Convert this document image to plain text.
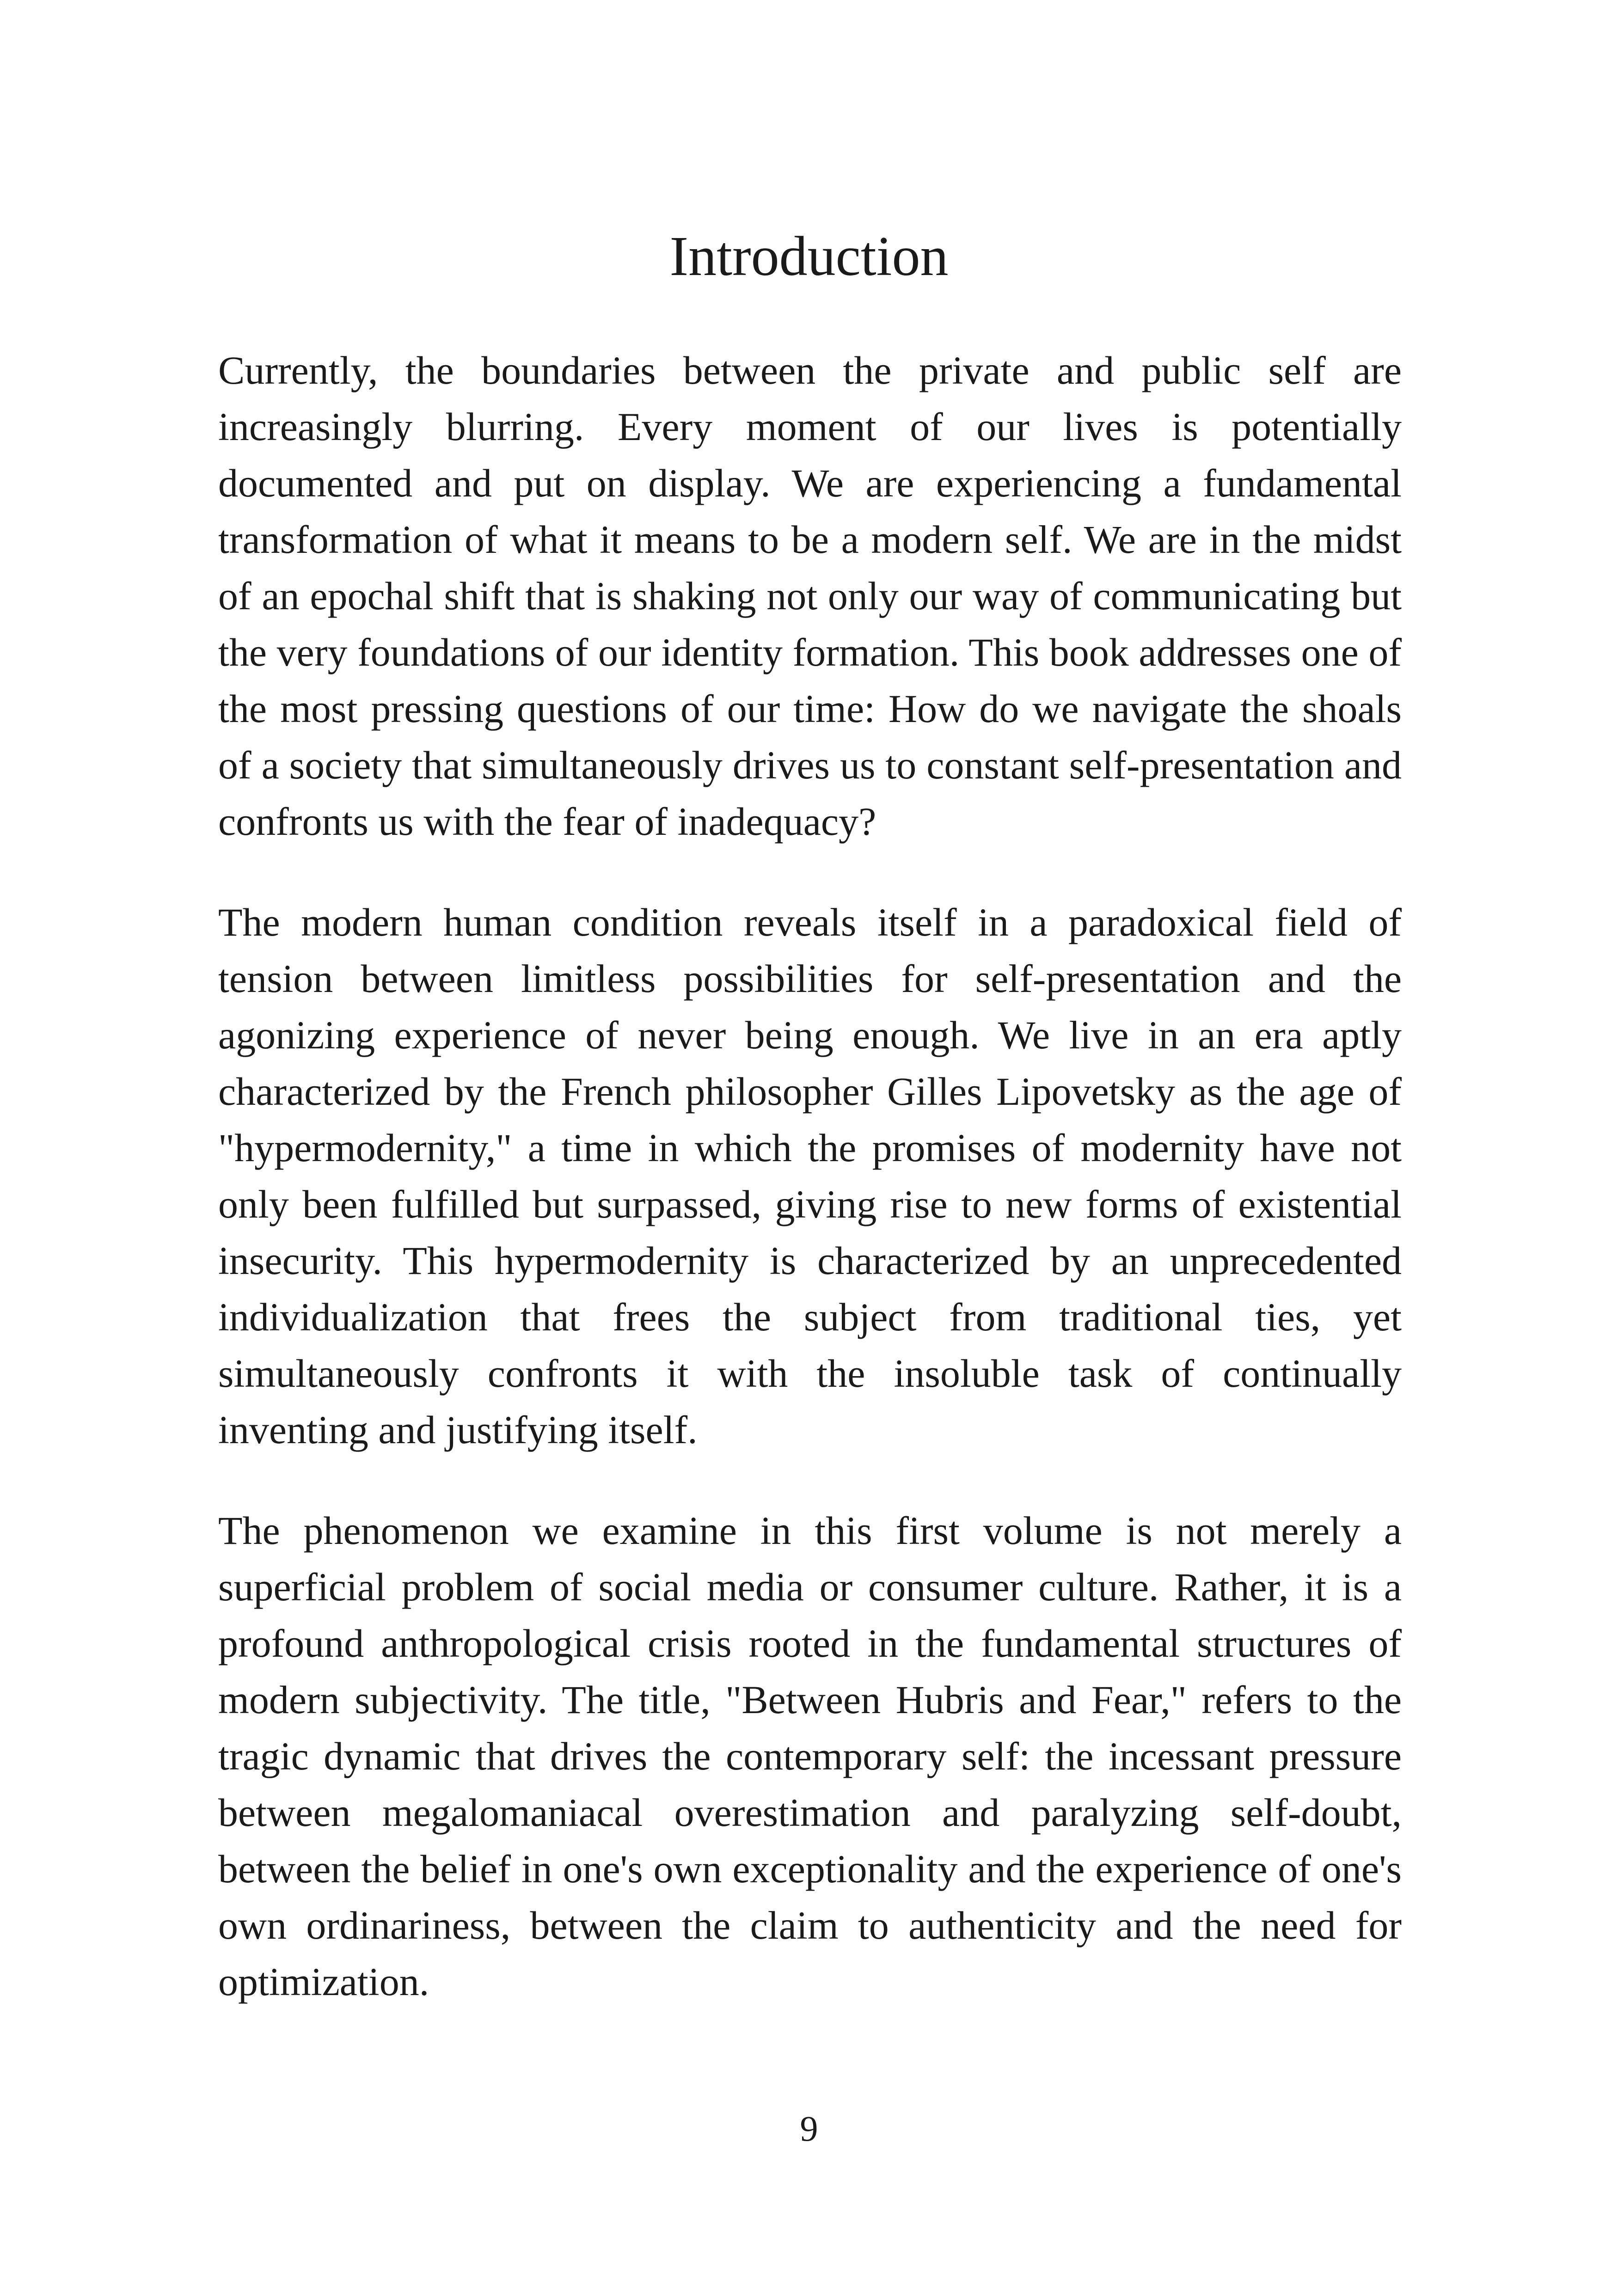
Introduction

Currently, the boundaries between the private and public self are increasingly blurring. Every moment of our lives is potentially documented and put on display. We are experiencing a fundamental transformation of what it means to be a modern self. We are in the midst of an epochal shift that is shaking not only our way of communicating but the very foundations of our identity formation. This book addresses one of the most pressing questions of our time: How do we navigate the shoals of a society that simultaneously drives us to constant self-presentation and confronts us with the fear of inadequacy?

The modern human condition reveals itself in a paradoxical field of tension between limitless possibilities for self-presentation and the agonizing experience of never being enough. We live in an era aptly characterized by the French philosopher Gilles Lipovetsky as the age of "hypermodernity," a time in which the promises of modernity have not only been fulfilled but surpassed, giving rise to new forms of existential insecurity. This hypermodernity is characterized by an unprecedented individualization that frees the subject from traditional ties, yet simultaneously confronts it with the insoluble task of continually inventing and justifying itself.

The phenomenon we examine in this first volume is not merely a superficial problem of social media or consumer culture. Rather, it is a profound anthropological crisis rooted in the fundamental structures of modern subjectivity. The title, "Between Hubris and Fear," refers to the tragic dynamic that drives the contemporary self: the incessant pressure between megalomaniacal overestimation and paralyzing self-doubt, between the belief in one's own exceptionality and the experience of one's own ordinariness, between the claim to authenticity and the need for optimization.

9
